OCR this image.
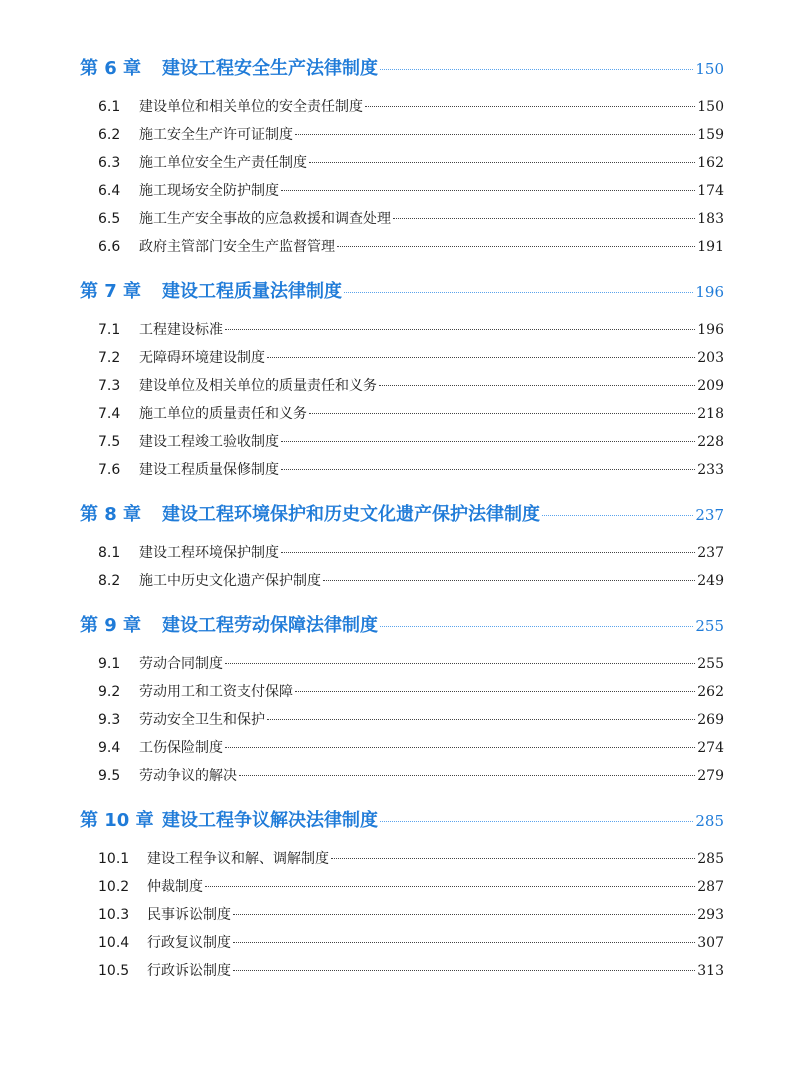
第 6 章	建设工程安全生产法律制度	150
6.1	建设单位和相关单位的安全责任制度	150
6.2	施工安全生产许可证制度	159
6.3	施工单位安全生产责任制度	162
6.4	施工现场安全防护制度	174
6.5	施工生产安全事故的应急救援和调查处理	183
6.6	政府主管部门安全生产监督管理	191
第 7 章	建设工程质量法律制度	196
7.1	工程建设标准	196
7.2	无障碍环境建设制度	203
7.3	建设单位及相关单位的质量责任和义务	209
7.4	施工单位的质量责任和义务	218
7.5	建设工程竣工验收制度	228
7.6	建设工程质量保修制度	233
第 8 章	建设工程环境保护和历史文化遗产保护法律制度	237
8.1	建设工程环境保护制度	237
8.2	施工中历史文化遗产保护制度	249
第 9 章	建设工程劳动保障法律制度	255
9.1	劳动合同制度	255
9.2	劳动用工和工资支付保障	262
9.3	劳动安全卫生和保护	269
9.4	工伤保险制度	274
9.5	劳动争议的解决	279
第 10 章 建设工程争议解决法律制度	285
10.1	建设工程争议和解、调解制度	285
10.2	仲裁制度	287
10.3	民事诉讼制度	293
10.4	行政复议制度	307
10.5	行政诉讼制度	313
